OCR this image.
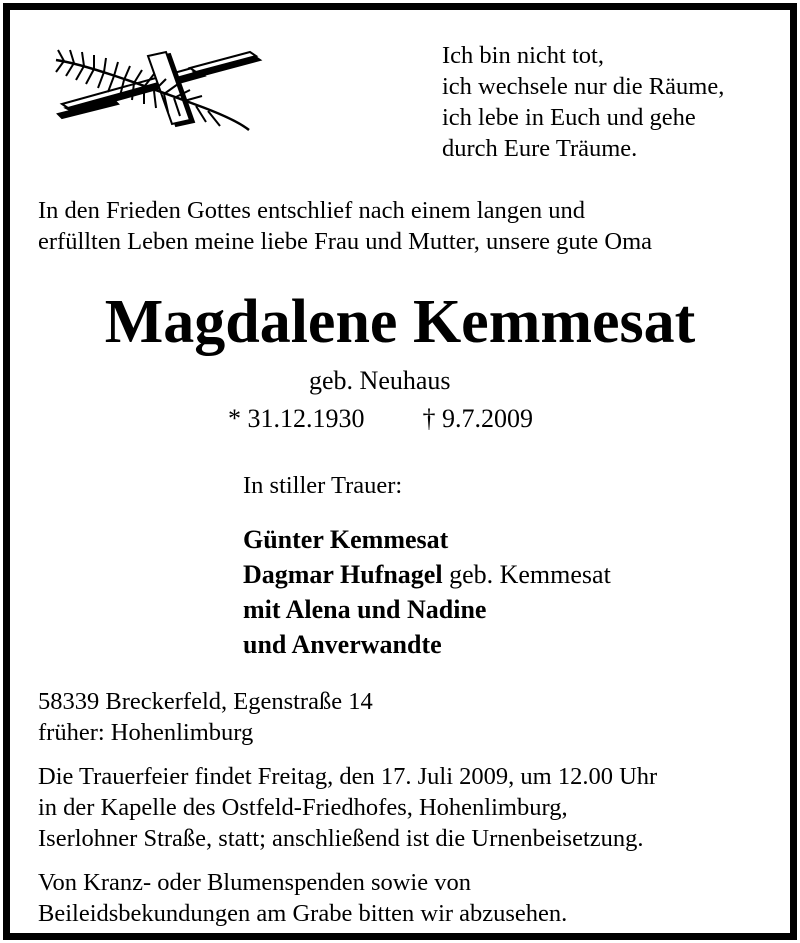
Ich bin nicht tot,
ich wechsele nur die Räume,
ich lebe in Euch und gehe
durch Eure Träume.
In den Frieden Gottes entschlief nach einem langen und
erfüllten Leben meine liebe Frau und Mutter, unsere gute Oma
Magdalene Kemmesat
geb. Neuhaus
* 31.12.1930 † 9.7.2009
In stiller Trauer:
Günter Kemmesat
Dagmar Hufnagel geb. Kemmesat
mit Alena und Nadine
und Anverwandte
58339 Breckerfeld, Egenstraße 14
früher: Hohenlimburg
Die Trauerfeier findet Freitag, den 17. Juli 2009, um 12.00 Uhr
in der Kapelle des Ostfeld-Friedhofes, Hohenlimburg,
Iserlohner Straße, statt; anschließend ist die Urnenbeisetzung.
Von Kranz- oder Blumenspenden sowie von
Beileidsbekundungen am Grabe bitten wir abzusehen.
